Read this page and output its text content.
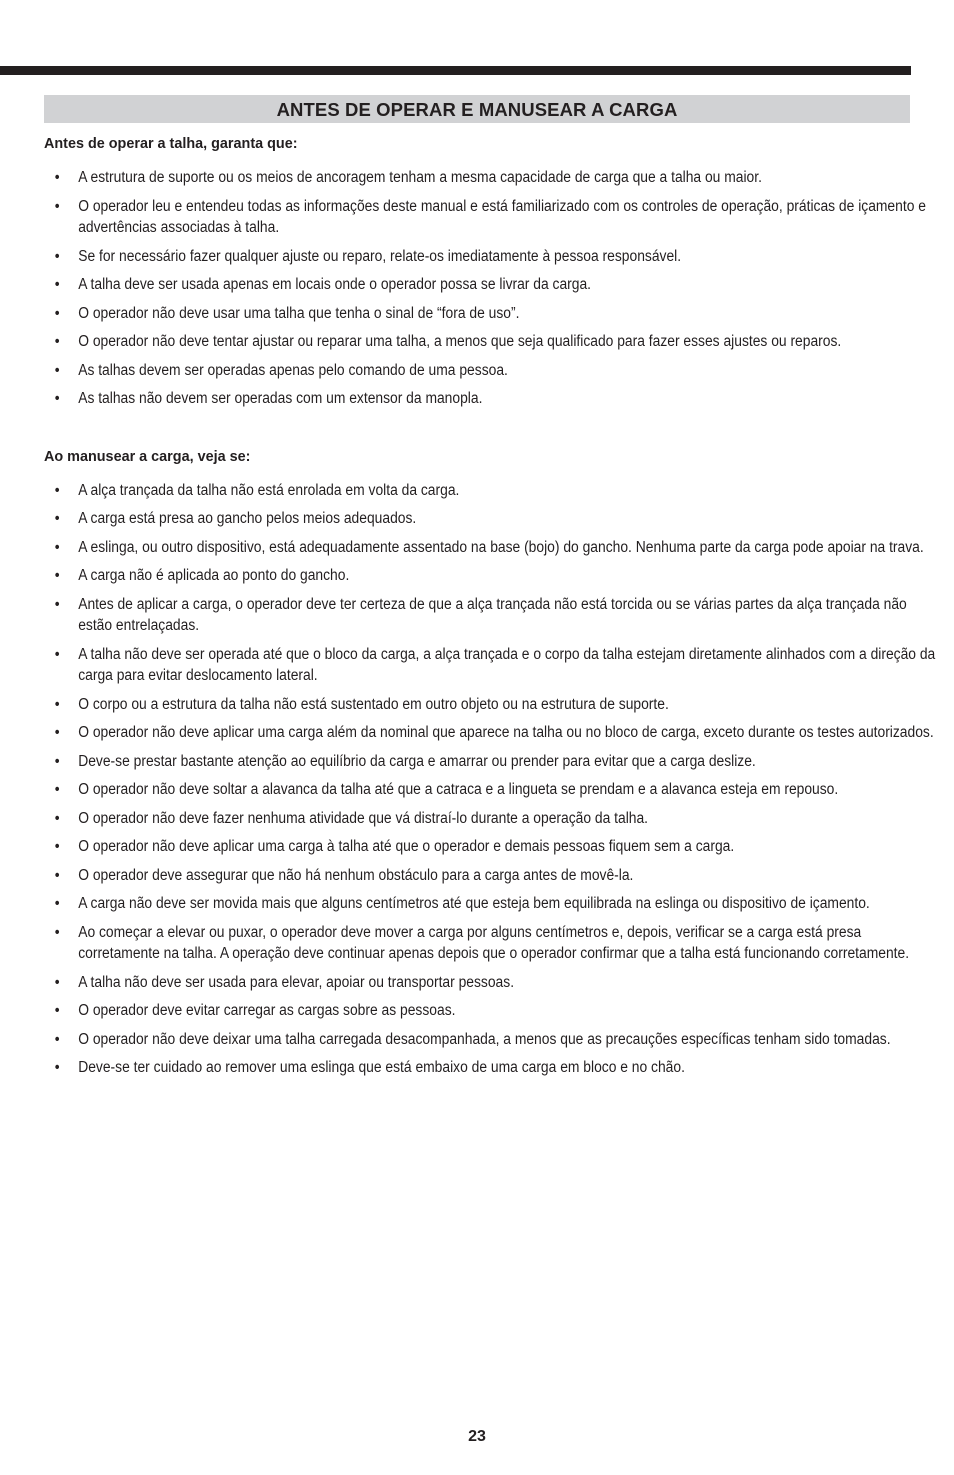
ANTES DE OPERAR E MANUSEAR A CARGA

Antes de operar a talha, garanta que:

• A estrutura de suporte ou os meios de ancoragem tenham a mesma capacidade de carga que a talha ou maior.
• O operador leu e entendeu todas as informações deste manual e está familiarizado com os controles de operação, práticas de içamento e advertências associadas à talha.
• Se for necessário fazer qualquer ajuste ou reparo, relate-os imediatamente à pessoa responsável.
• A talha deve ser usada apenas em locais onde o operador possa se livrar da carga.
• O operador não deve usar uma talha que tenha o sinal de “fora de uso”.
• O operador não deve tentar ajustar ou reparar uma talha, a menos que seja qualificado para fazer esses ajustes ou reparos.
• As talhas devem ser operadas apenas pelo comando de uma pessoa.
• As talhas não devem ser operadas com um extensor da manopla.

Ao manusear a carga, veja se:

• A alça trançada da talha não está enrolada em volta da carga.
• A carga está presa ao gancho pelos meios adequados.
• A eslinga, ou outro dispositivo, está adequadamente assentado na base (bojo) do gancho. Nenhuma parte da carga pode apoiar na trava.
• A carga não é aplicada ao ponto do gancho.
• Antes de aplicar a carga, o operador deve ter certeza de que a alça trançada não está torcida ou se várias partes da alça trançada não estão entrelaçadas.
• A talha não deve ser operada até que o bloco da carga, a alça trançada e o corpo da talha estejam diretamente alinhados com a direção da carga para evitar deslocamento lateral.
• O corpo ou a estrutura da talha não está sustentado em outro objeto ou na estrutura de suporte.
• O operador não deve aplicar uma carga além da nominal que aparece na talha ou no bloco de carga, exceto durante os testes autorizados.
• Deve-se prestar bastante atenção ao equilíbrio da carga e amarrar ou prender para evitar que a carga deslize.
• O operador não deve soltar a alavanca da talha até que a catraca e a lingueta se prendam e a alavanca esteja em repouso.
• O operador não deve fazer nenhuma atividade que vá distraí-lo durante a operação da talha.
• O operador não deve aplicar uma carga à talha até que o operador e demais pessoas fiquem sem a carga.
• O operador deve assegurar que não há nenhum obstáculo para a carga antes de movê-la.
• A carga não deve ser movida mais que alguns centímetros até que esteja bem equilibrada na eslinga ou dispositivo de içamento.
• Ao começar a elevar ou puxar, o operador deve mover a carga por alguns centímetros e, depois, verificar se a carga está presa corretamente na talha. A operação deve continuar apenas depois que o operador confirmar que a talha está funcionando corretamente.
• A talha não deve ser usada para elevar, apoiar ou transportar pessoas.
• O operador deve evitar carregar as cargas sobre as pessoas.
• O operador não deve deixar uma talha carregada desacompanhada, a menos que as precauções específicas tenham sido tomadas.
• Deve-se ter cuidado ao remover uma eslinga que está embaixo de uma carga em bloco e no chão.
23
